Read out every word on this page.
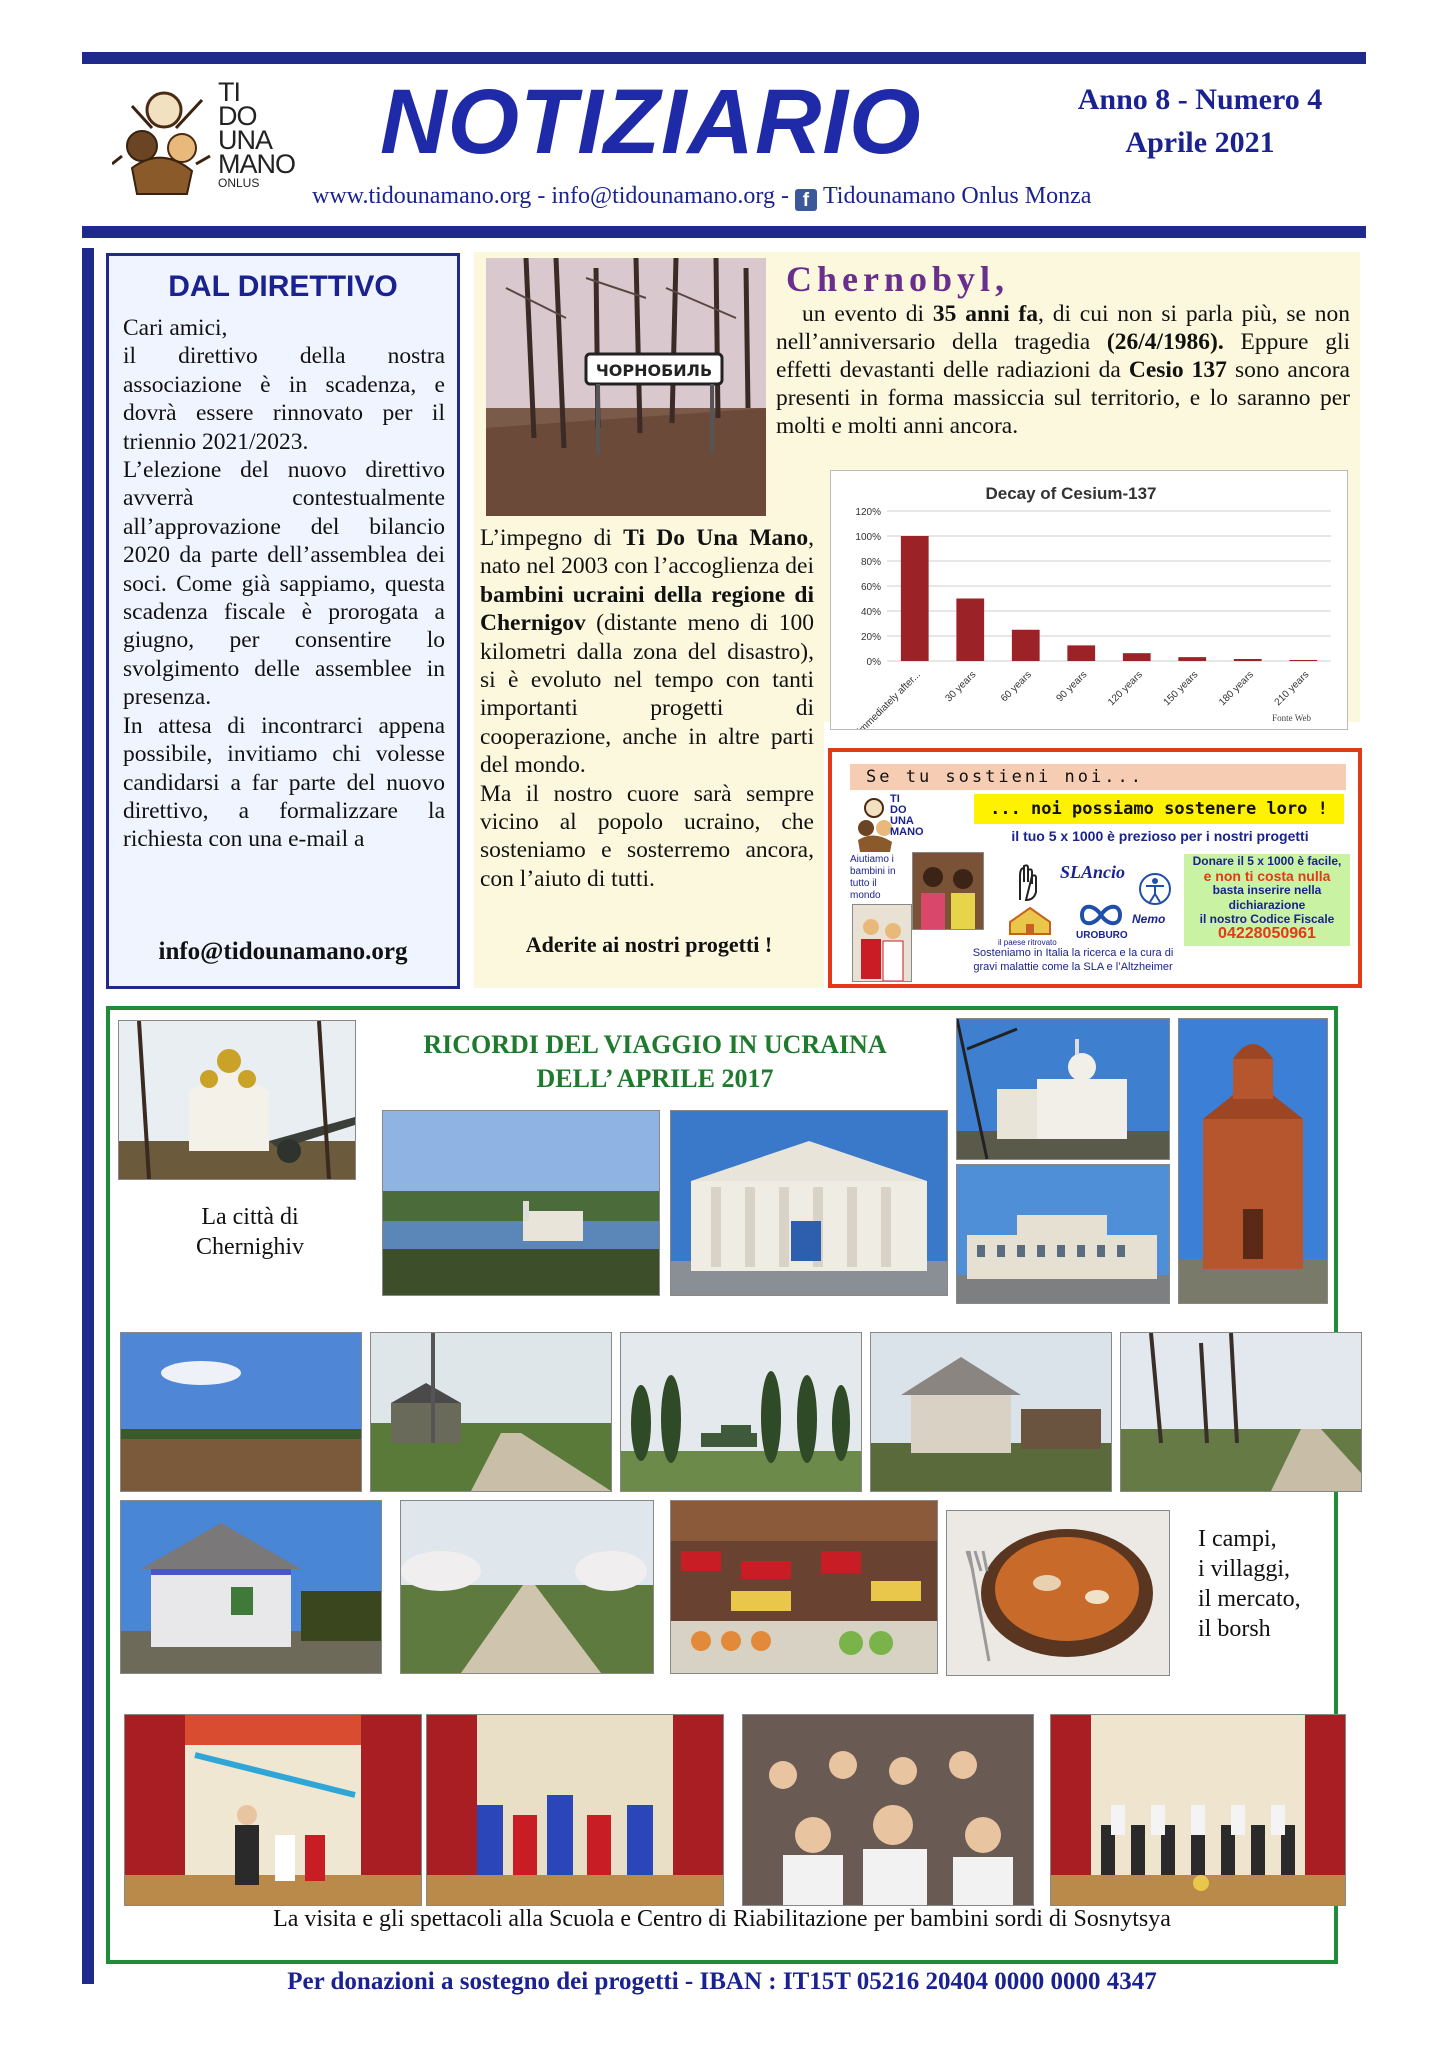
TI
DO
UNA
MANO
ONLUS
NOTIZIARIO	Anno 8 - Numero 4
Aprile 2021
www.tidounamano.org - info@tidounamano.org - f Tidounamano Onlus Monza
DAL DIRETTIVO
Cari amici,
il direttivo della nostra associazione è in scadenza, e dovrà essere rinnovato per il triennio 2021/2023.
L’elezione del nuovo direttivo avverrà contestualmente all’approvazione del bilancio 2020 da parte dell’assemblea dei soci. Come già sappiamo, questa scadenza fiscale è prorogata a giugno, per consentire lo svolgimento delle assemblee in presenza.
In attesa di incontrarci appena possibile, invitiamo chi volesse candidarsi a far parte del nuovo direttivo, a formalizzare la richiesta con una e-mail a
info@tidounamano.org
ЧОРНОБИЛЬ
Chernobyl,
un evento di 35 anni fa, di cui non si parla più, se non nell’anniversario della tragedia (26/4/1986). Eppure gli effetti devastanti delle radiazioni da Cesio 137 sono ancora presenti in forma massiccia sul territorio, e lo saranno per molti e molti anni ancora.
L’impegno di Ti Do Una Mano, nato nel 2003 con l’accoglienza dei bambini ucraini della regione di Chernigov (distante meno di 100 kilometri dalla zona del disastro), si è evoluto nel tempo con tanti importanti progetti di cooperazione, anche in altre parti del mondo.
Ma il nostro cuore sarà sempre vicino al popolo ucraino, che sosteniamo e sosterremo ancora, con l’aiuto di tutti.
Aderite ai nostri progetti !
Decay of Cesium-137
0%
20%
40%
60%
80%
100%
120%
immediately after... 30 years 60 years 90 years 120 years 150 years 180 years 210 years
Fonte Web
Se tu sostieni noi...
TI
DO
UNA
MANO
... noi possiamo sostenere loro !
il tuo 5 x 1000 è prezioso per i nostri progetti
Aiutiamo i bambini in tutto il mondo
SLAncio
il paese ritrovato
UROBURO
Nemo
Donare il 5 x 1000 è facile,
e non ti costa nulla
basta inserire nella dichiarazione
il nostro Codice Fiscale
04228050961
Sosteniamo in Italia la ricerca e la cura di gravi malattie come la SLA e l’Altzheimer
RICORDI DEL VIAGGIO IN UCRAINA
DELL’ APRILE 2017
La città di
Chernighiv
I campi,
i villaggi,
il mercato,
il borsh
La visita e gli spettacoli alla Scuola e Centro di Riabilitazione per bambini sordi di Sosnytsya
Per donazioni a sostegno dei progetti - IBAN : IT15T 05216 20404 0000 0000 4347
